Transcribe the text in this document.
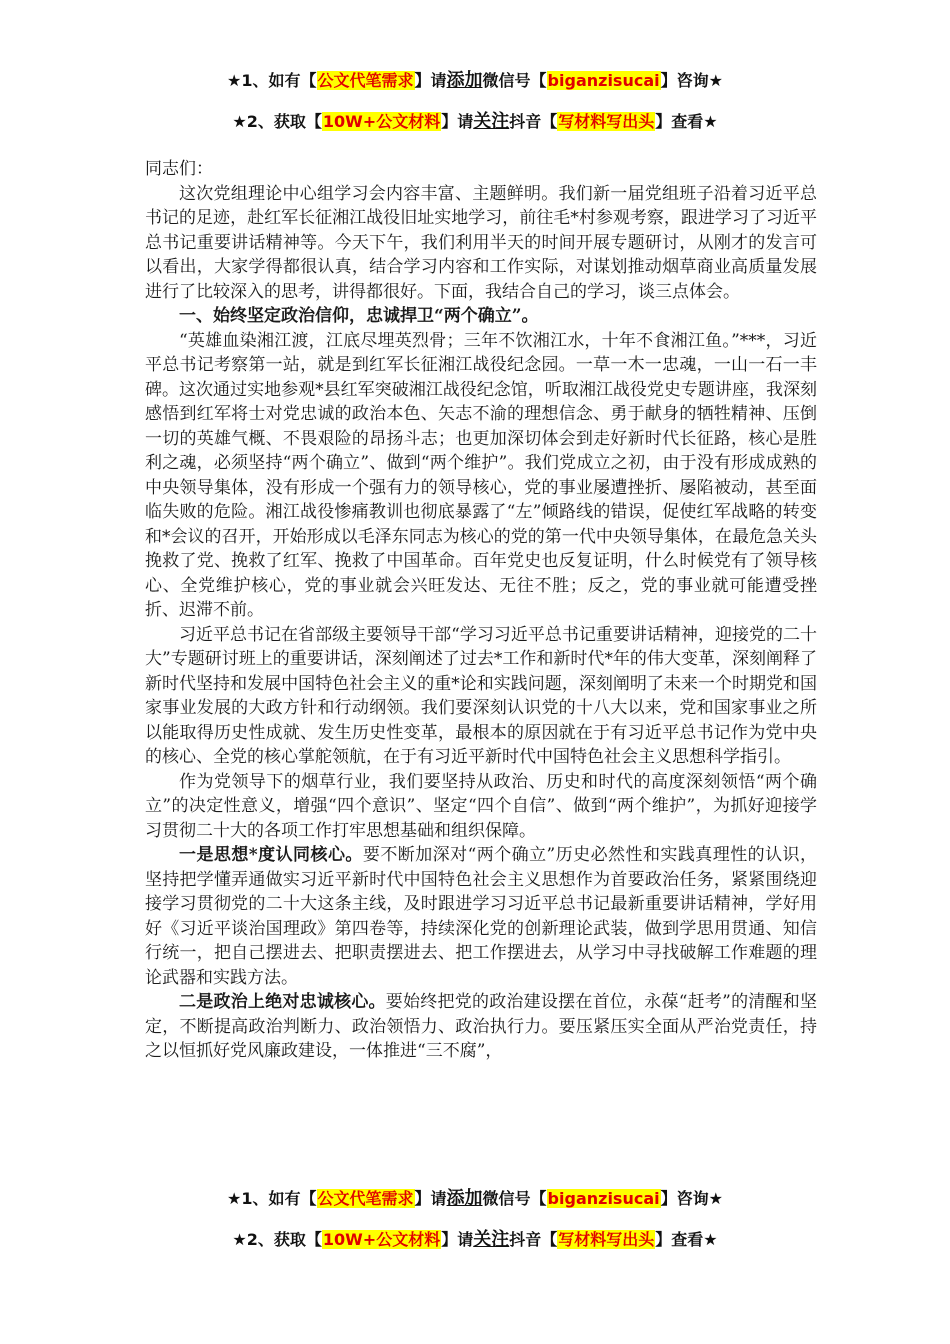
★1、如有【公文代笔需求】请添加微信号【biganzisucai】咨询★
★2、获取【10W+公文材料】请关注抖音【写材料写出头】查看★

同志们：

这次党组理论中心组学习会内容丰富、主题鲜明。我们新一届党组班子沿着习近平总书记的足迹，赴红军长征湘江战役旧址实地学习，前往毛*村参观考察，跟进学习了习近平总书记重要讲话精神等。今天下午，我们利用半天的时间开展专题研讨，从刚才的发言可以看出，大家学得都很认真，结合学习内容和工作实际，对谋划推动烟草商业高质量发展进行了比较深入的思考，讲得都很好。下面，我结合自己的学习，谈三点体会。

一、始终坚定政治信仰，忠诚捍卫“两个确立”。

“英雄血染湘江渡，江底尽埋英烈骨；三年不饮湘江水，十年不食湘江鱼。”***，习近平总书记考察第一站，就是到红军长征湘江战役纪念园。一草一木一忠魂，一山一石一丰碑。这次通过实地参观*县红军突破湘江战役纪念馆，听取湘江战役党史专题讲座，我深刻感悟到红军将士对党忠诚的政治本色、矢志不渝的理想信念、勇于献身的牺牲精神、压倒一切的英雄气概、不畏艰险的昂扬斗志；也更加深切体会到走好新时代长征路，核心是胜利之魂，必须坚持“两个确立”、做到“两个维护”。我们党成立之初，由于没有形成成熟的中央领导集体，没有形成一个强有力的领导核心，党的事业屡遭挫折、屡陷被动，甚至面临失败的危险。湘江战役惨痛教训也彻底暴露了“左”倾路线的错误，促使红军战略的转变和*会议的召开，开始形成以毛泽东同志为核心的党的第一代中央领导集体，在最危急关头挽救了党、挽救了红军、挽救了中国革命。百年党史也反复证明，什么时候党有了领导核心、全党维护核心，党的事业就会兴旺发达、无往不胜；反之，党的事业就可能遭受挫折、迟滞不前。

习近平总书记在省部级主要领导干部“学习习近平总书记重要讲话精神，迎接党的二十大”专题研讨班上的重要讲话，深刻阐述了过去*工作和新时代*年的伟大变革，深刻阐释了新时代坚持和发展中国特色社会主义的重*论和实践问题，深刻阐明了未来一个时期党和国家事业发展的大政方针和行动纲领。我们要深刻认识党的十八大以来，党和国家事业之所以能取得历史性成就、发生历史性变革，最根本的原因就在于有习近平总书记作为党中央的核心、全党的核心掌舵领航，在于有习近平新时代中国特色社会主义思想科学指引。

作为党领导下的烟草行业，我们要坚持从政治、历史和时代的高度深刻领悟“两个确立”的决定性意义，增强“四个意识”、坚定“四个自信”、做到“两个维护”，为抓好迎接学习贯彻二十大的各项工作打牢思想基础和组织保障。

一是思想*度认同核心。要不断加深对“两个确立”历史必然性和实践真理性的认识，坚持把学懂弄通做实习近平新时代中国特色社会主义思想作为首要政治任务，紧紧围绕迎接学习贯彻党的二十大这条主线，及时跟进学习习近平总书记最新重要讲话精神，学好用好《习近平谈治国理政》第四卷等，持续深化党的创新理论武装，做到学思用贯通、知信行统一，把自己摆进去、把职责摆进去、把工作摆进去，从学习中寻找破解工作难题的理论武器和实践方法。

二是政治上绝对忠诚核心。要始终把党的政治建设摆在首位，永葆“赶考”的清醒和坚定，不断提高政治判断力、政治领悟力、政治执行力。要压紧压实全面从严治党责任，持之以恒抓好党风廉政建设，一体推进“三不腐”，

★1、如有【公文代笔需求】请添加微信号【biganzisucai】咨询★
★2、获取【10W+公文材料】请关注抖音【写材料写出头】查看★
